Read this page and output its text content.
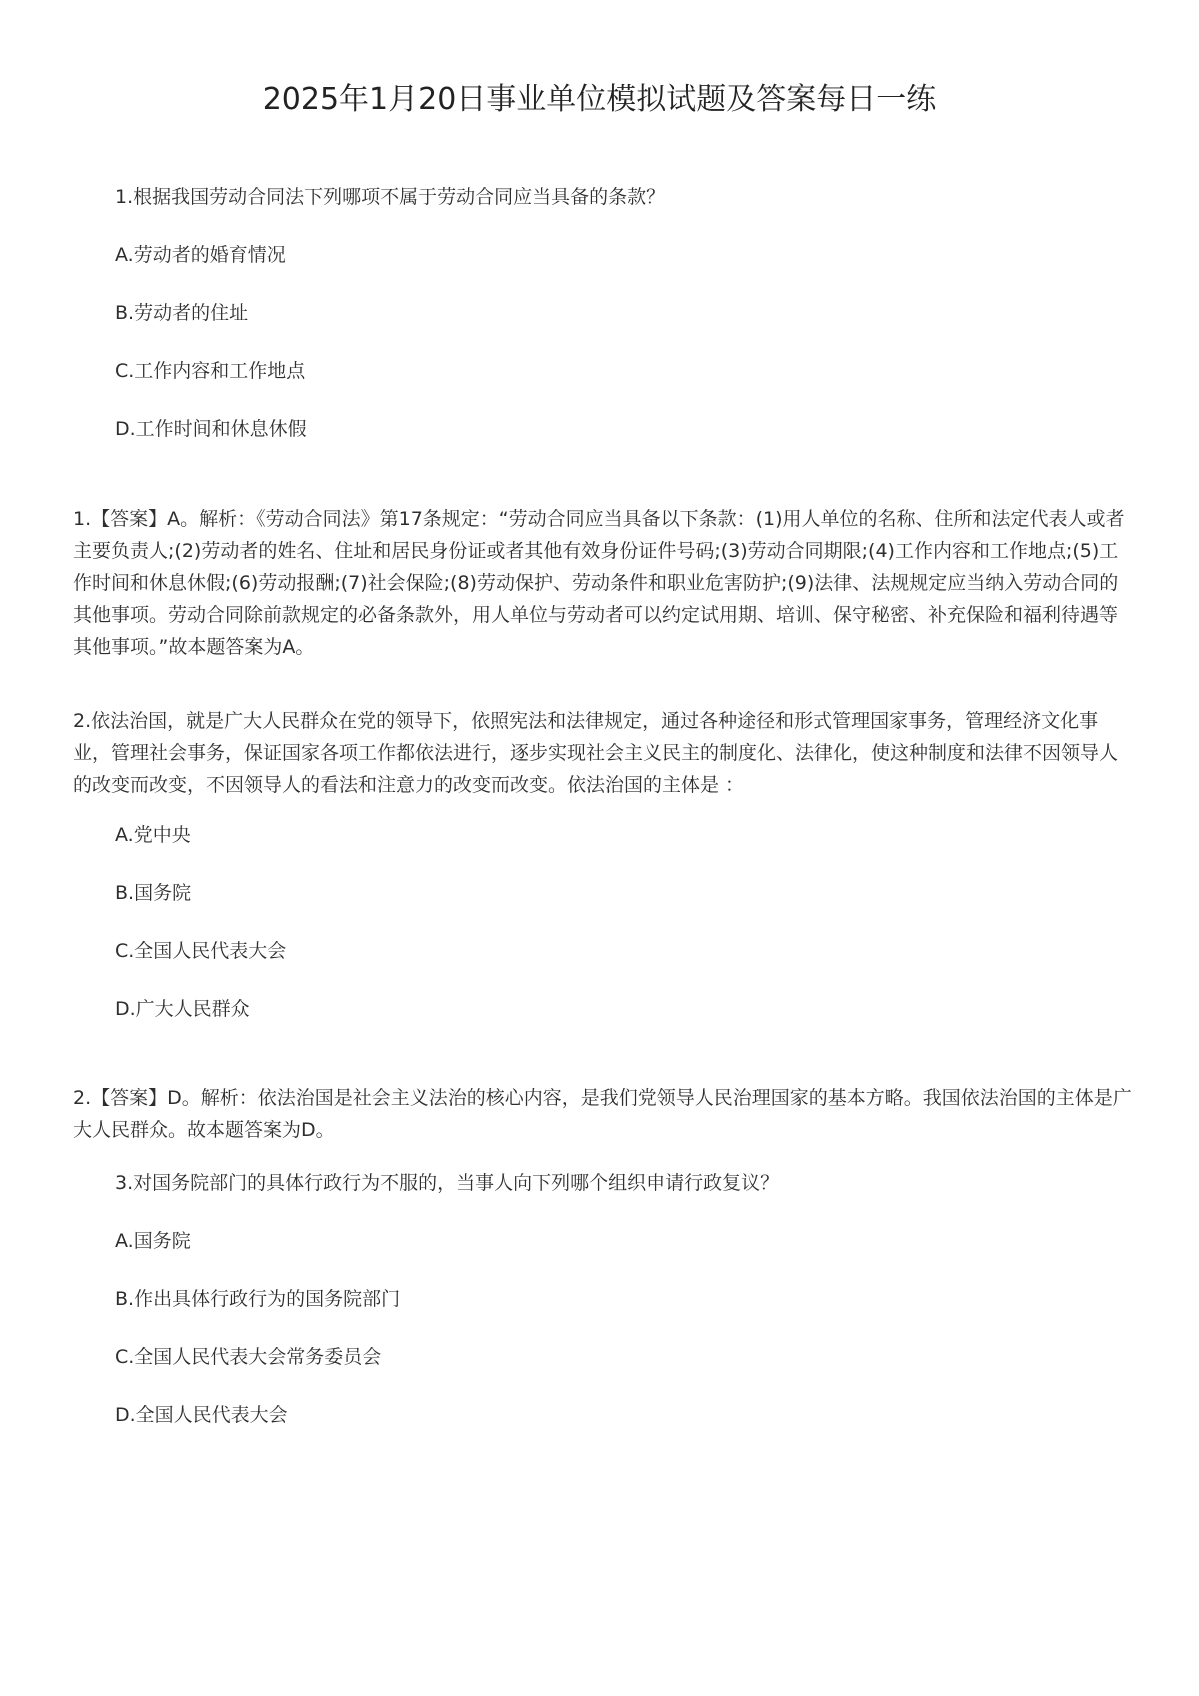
2025年1月20日事业单位模拟试题及答案每日一练
1.根据我国劳动合同法下列哪项不属于劳动合同应当具备的条款？
A.劳动者的婚育情况
B.劳动者的住址
C.工作内容和工作地点
D.工作时间和休息休假
1.【答案】A。解析：《劳动合同法》第17条规定：“劳动合同应当具备以下条款：(1)用人单位的名称、住所和法定代表人或者主要负责人;(2)劳动者的姓名、住址和居民身份证或者其他有效身份证件号码;(3)劳动合同期限;(4)工作内容和工作地点;(5)工作时间和休息休假;(6)劳动报酬;(7)社会保险;(8)劳动保护、劳动条件和职业危害防护;(9)法律、法规规定应当纳入劳动合同的其他事项。劳动合同除前款规定的必备条款外，用人单位与劳动者可以约定试用期、培训、保守秘密、补充保险和福利待遇等其他事项。”故本题答案为A。
2.依法治国，就是广大人民群众在党的领导下，依照宪法和法律规定，通过各种途径和形式管理国家事务，管理经济文化事业，管理社会事务，保证国家各项工作都依法进行，逐步实现社会主义民主的制度化、法律化，使这种制度和法律不因领导人的改变而改变，不因领导人的看法和注意力的改变而改变。依法治国的主体是 ：
A.党中央
B.国务院
C.全国人民代表大会
D.广大人民群众
2.【答案】D。解析：依法治国是社会主义法治的核心内容，是我们党领导人民治理国家的基本方略。我国依法治国的主体是广大人民群众。故本题答案为D。
3.对国务院部门的具体行政行为不服的，当事人向下列哪个组织申请行政复议？
A.国务院
B.作出具体行政行为的国务院部门
C.全国人民代表大会常务委员会
D.全国人民代表大会
